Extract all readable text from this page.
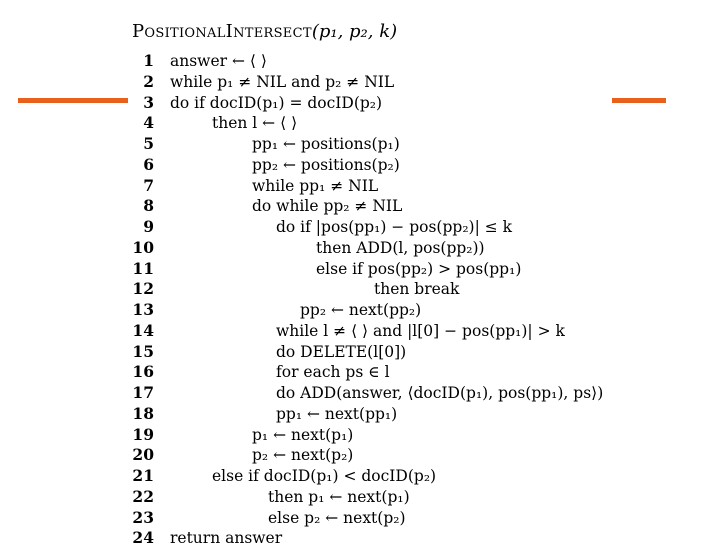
PositionalIntersect(p₁, p₂, k)
1 answer ← ⟨ ⟩
2 while p₁ ≠ NIL and p₂ ≠ NIL
3 do if docID(p₁) = docID(p₂)
4	then l ← ⟨ ⟩
5	pp₁ ← positions(p₁)
6	pp₂ ← positions(p₂)
7	while pp₁ ≠ NIL
8	do while pp₂ ≠ NIL
9	do if |pos(pp₁) − pos(pp₂)| ≤ k
10	then ADD(l, pos(pp₂))
11	else if pos(pp₂) > pos(pp₁)
12	then break
13	pp₂ ← next(pp₂)
14	while l ≠ ⟨ ⟩ and |l[0] − pos(pp₁)| > k
15	do DELETE(l[0])
16	for each ps ∈ l
17	do ADD(answer, ⟨docID(p₁), pos(pp₁), ps⟩)
18	pp₁ ← next(pp₁)
19	p₁ ← next(p₁)
20	p₂ ← next(p₂)
21	else if docID(p₁) < docID(p₂)
22	then p₁ ← next(p₁)
23	else p₂ ← next(p₂)
24 return answer
